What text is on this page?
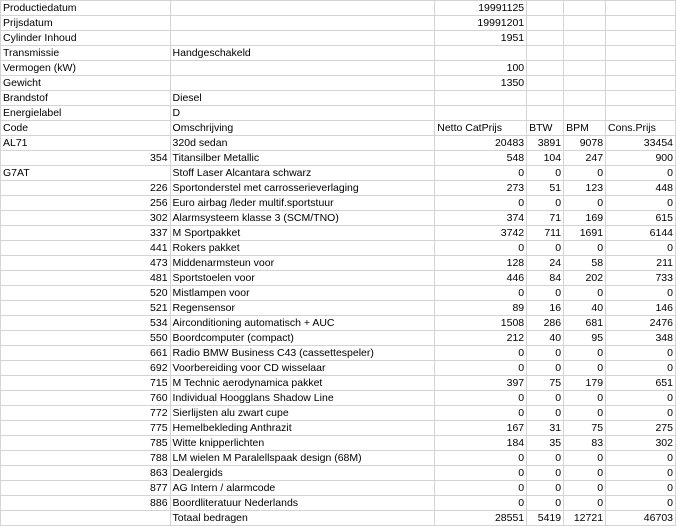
Productiedatum		19991125			
Prijsdatum		19991201			
Cylinder Inhoud		1951			
Transmissie	Handgeschakeld				
Vermogen (kW)		100			
Gewicht		1350			
Brandstof	Diesel				
Energielabel	D				
Code	Omschrijving	Netto CatPrijs	BTW	BPM	Cons.Prijs
AL71	320d sedan	20483	3891	9078	33454
354	Titansilber Metallic	548	104	247	900
G7AT	Stoff Laser Alcantara schwarz	0	0	0	0
226	Sportonderstel met carrosserieverlaging	273	51	123	448
256	Euro airbag /leder multif.sportstuur	0	0	0	0
302	Alarmsysteem klasse 3 (SCM/TNO)	374	71	169	615
337	M Sportpakket	3742	711	1691	6144
441	Rokers pakket	0	0	0	0
473	Middenarmsteun voor	128	24	58	211
481	Sportstoelen voor	446	84	202	733
520	Mistlampen voor	0	0	0	0
521	Regensensor	89	16	40	146
534	Airconditioning automatisch + AUC	1508	286	681	2476
550	Boordcomputer (compact)	212	40	95	348
661	Radio BMW Business C43 (cassettespeler)	0	0	0	0
692	Voorbereiding voor CD wisselaar	0	0	0	0
715	M Technic aerodynamica pakket	397	75	179	651
760	Individual Hoogglans Shadow Line	0	0	0	0
772	Sierlijsten alu zwart cupe	0	0	0	0
775	Hemelbekleding Anthrazit	167	31	75	275
785	Witte knipperlichten	184	35	83	302
788	LM wielen M Paralellspaak design (68M)	0	0	0	0
863	Dealergids	0	0	0	0
877	AG Intern / alarmcode	0	0	0	0
886	Boordliteratuur Nederlands	0	0	0	0
	Totaal bedragen	28551	5419	12721	46703
